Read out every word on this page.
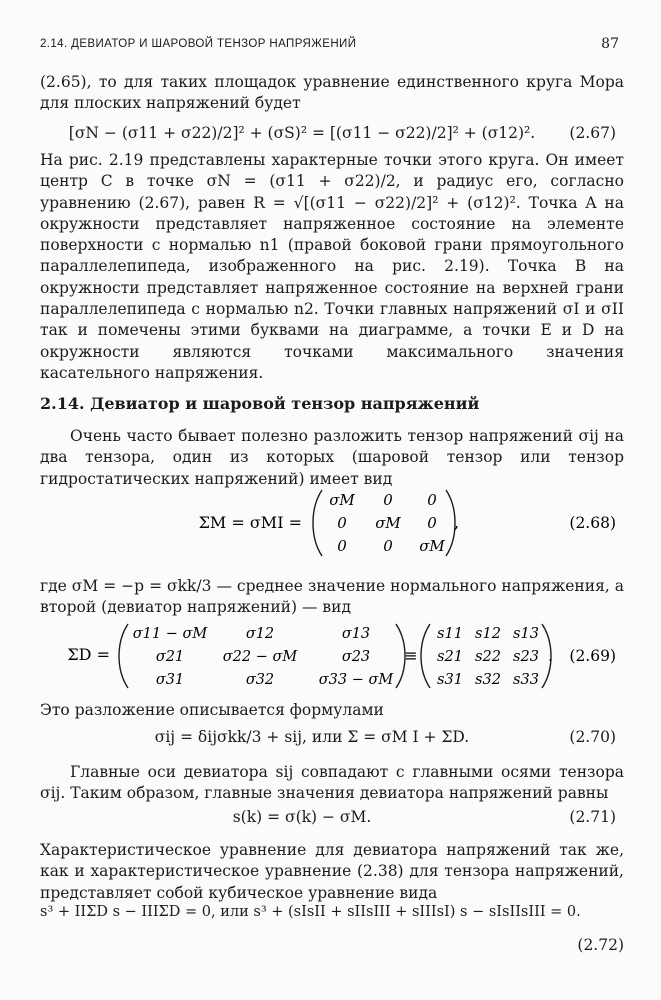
2.14. ДЕВИАТОР И ШАРОВОЙ ТЕНЗОР НАПРЯЖЕНИЙ	87

(2.65), то для таких площадок уравнение единственного круга Мора для плоских напряжений будет

[σN − (σ11 + σ22)/2]² + (σS)² = [(σ11 − σ22)/2]² + (σ12)².	(2.67)

На рис. 2.19 представлены характерные точки этого круга. Он имеет центр C в точке σN = (σ11 + σ22)/2, и радиус его, согласно уравнению (2.67), равен R = √[(σ11 − σ22)/2]² + (σ12)². Точка A на окружности представляет напряженное состояние на элементе поверхности с нормалью n1 (правой боковой грани прямоугольного параллелепипеда, изображенного на рис. 2.19). Точка B на окружности представляет напряженное состояние на верхней грани параллелепипеда с нормалью n2. Точки главных напряжений σI и σII так и помечены этими буквами на диаграмме, а точки E и D на окружности являются точками максимального значения касательного напряжения.

2.14. Девиатор и шаровой тензор напряжений

Очень часто бывает полезно разложить тензор напряжений σij на два тензора, один из которых (шаровой тензор или тензор гидростатических напряжений) имеет вид

ΣM = σMI =
σM 0 0
0 σM 0
0 0 σM
,	(2.68)

где σM = −p = σkk/3 — среднее значение нормального напряжения, а второй (девиатор напряжений) — вид

ΣD =
σ11 − σM	σ12	σ13
σ21	σ22 − σM	σ23
σ31	σ32	σ33 − σM
≡
s11 s12 s13
s21 s22 s23
s31 s32 s33
. (2.69)

Это разложение описывается формулами

σij = δijσkk/3 + sij, или Σ = σM I + ΣD.	(2.70)

Главные оси девиатора sij совпадают с главными осями тензора σij. Таким образом, главные значения девиатора напряжений равны

s(k) = σ(k) − σM.	(2.71)

Характеристическое уравнение для девиатора напряжений так же, как и характеристическое уравнение (2.38) для тензора напряжений, представляет собой кубическое уравнение вида

s³ + IIΣD s − IIIΣD = 0, или s³ + (sIsII + sIIsIII + sIIIsI) s − sIsIIsIII = 0.
(2.72)
